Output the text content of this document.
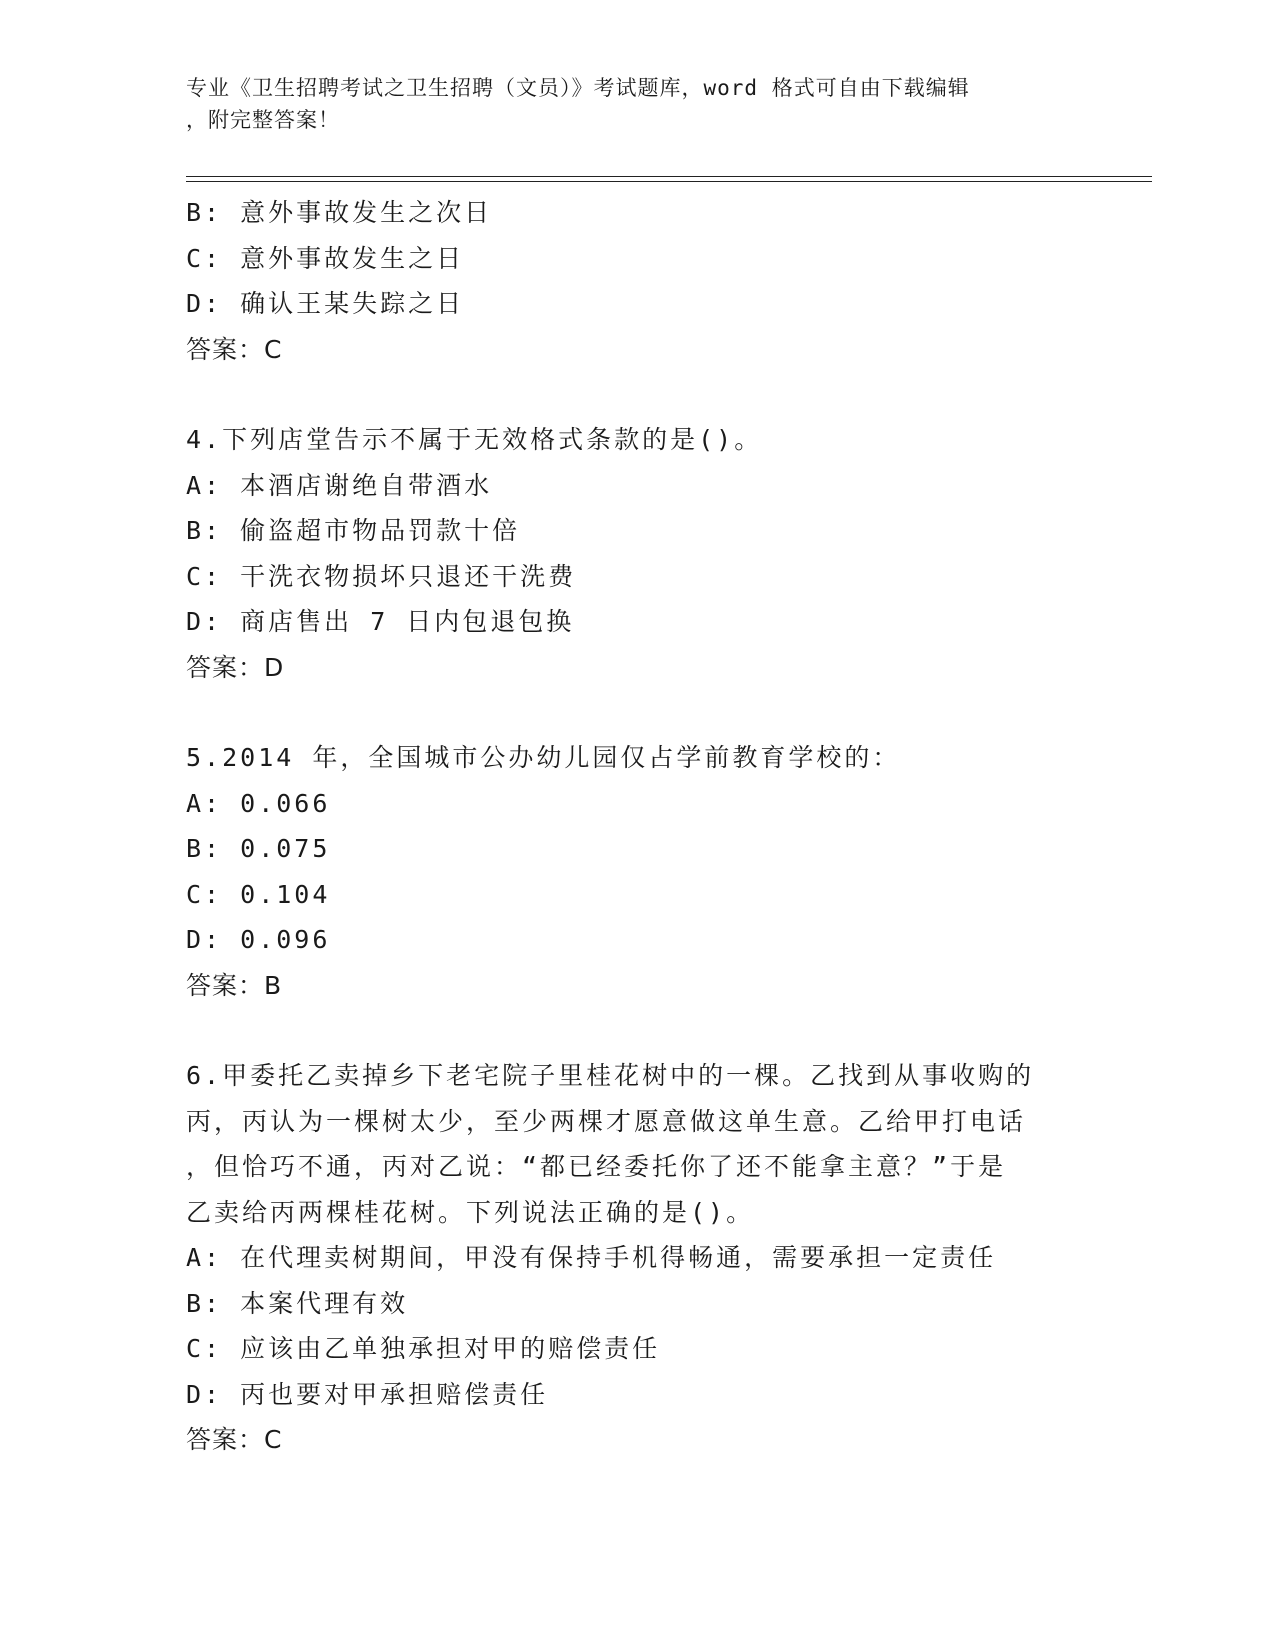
专业《卫生招聘考试之卫生招聘（文员）》考试题库，word 格式可自由下载编辑
，附完整答案！
B: 意外事故发生之次日
C: 意外事故发生之日
D: 确认王某失踪之日
答案：C
4.下列店堂告示不属于无效格式条款的是()。
A: 本酒店谢绝自带酒水
B: 偷盗超市物品罚款十倍
C: 干洗衣物损坏只退还干洗费
D: 商店售出 7 日内包退包换
答案：D
5.2014 年，全国城市公办幼儿园仅占学前教育学校的：
A: 0.066
B: 0.075
C: 0.104
D: 0.096
答案：B
6.甲委托乙卖掉乡下老宅院子里桂花树中的一棵。乙找到从事收购的
丙，丙认为一棵树太少，至少两棵才愿意做这单生意。乙给甲打电话
，但恰巧不通，丙对乙说：“都已经委托你了还不能拿主意？”于是
乙卖给丙两棵桂花树。下列说法正确的是()。
A: 在代理卖树期间，甲没有保持手机得畅通，需要承担一定责任
B: 本案代理有效
C: 应该由乙单独承担对甲的赔偿责任
D: 丙也要对甲承担赔偿责任
答案：C
